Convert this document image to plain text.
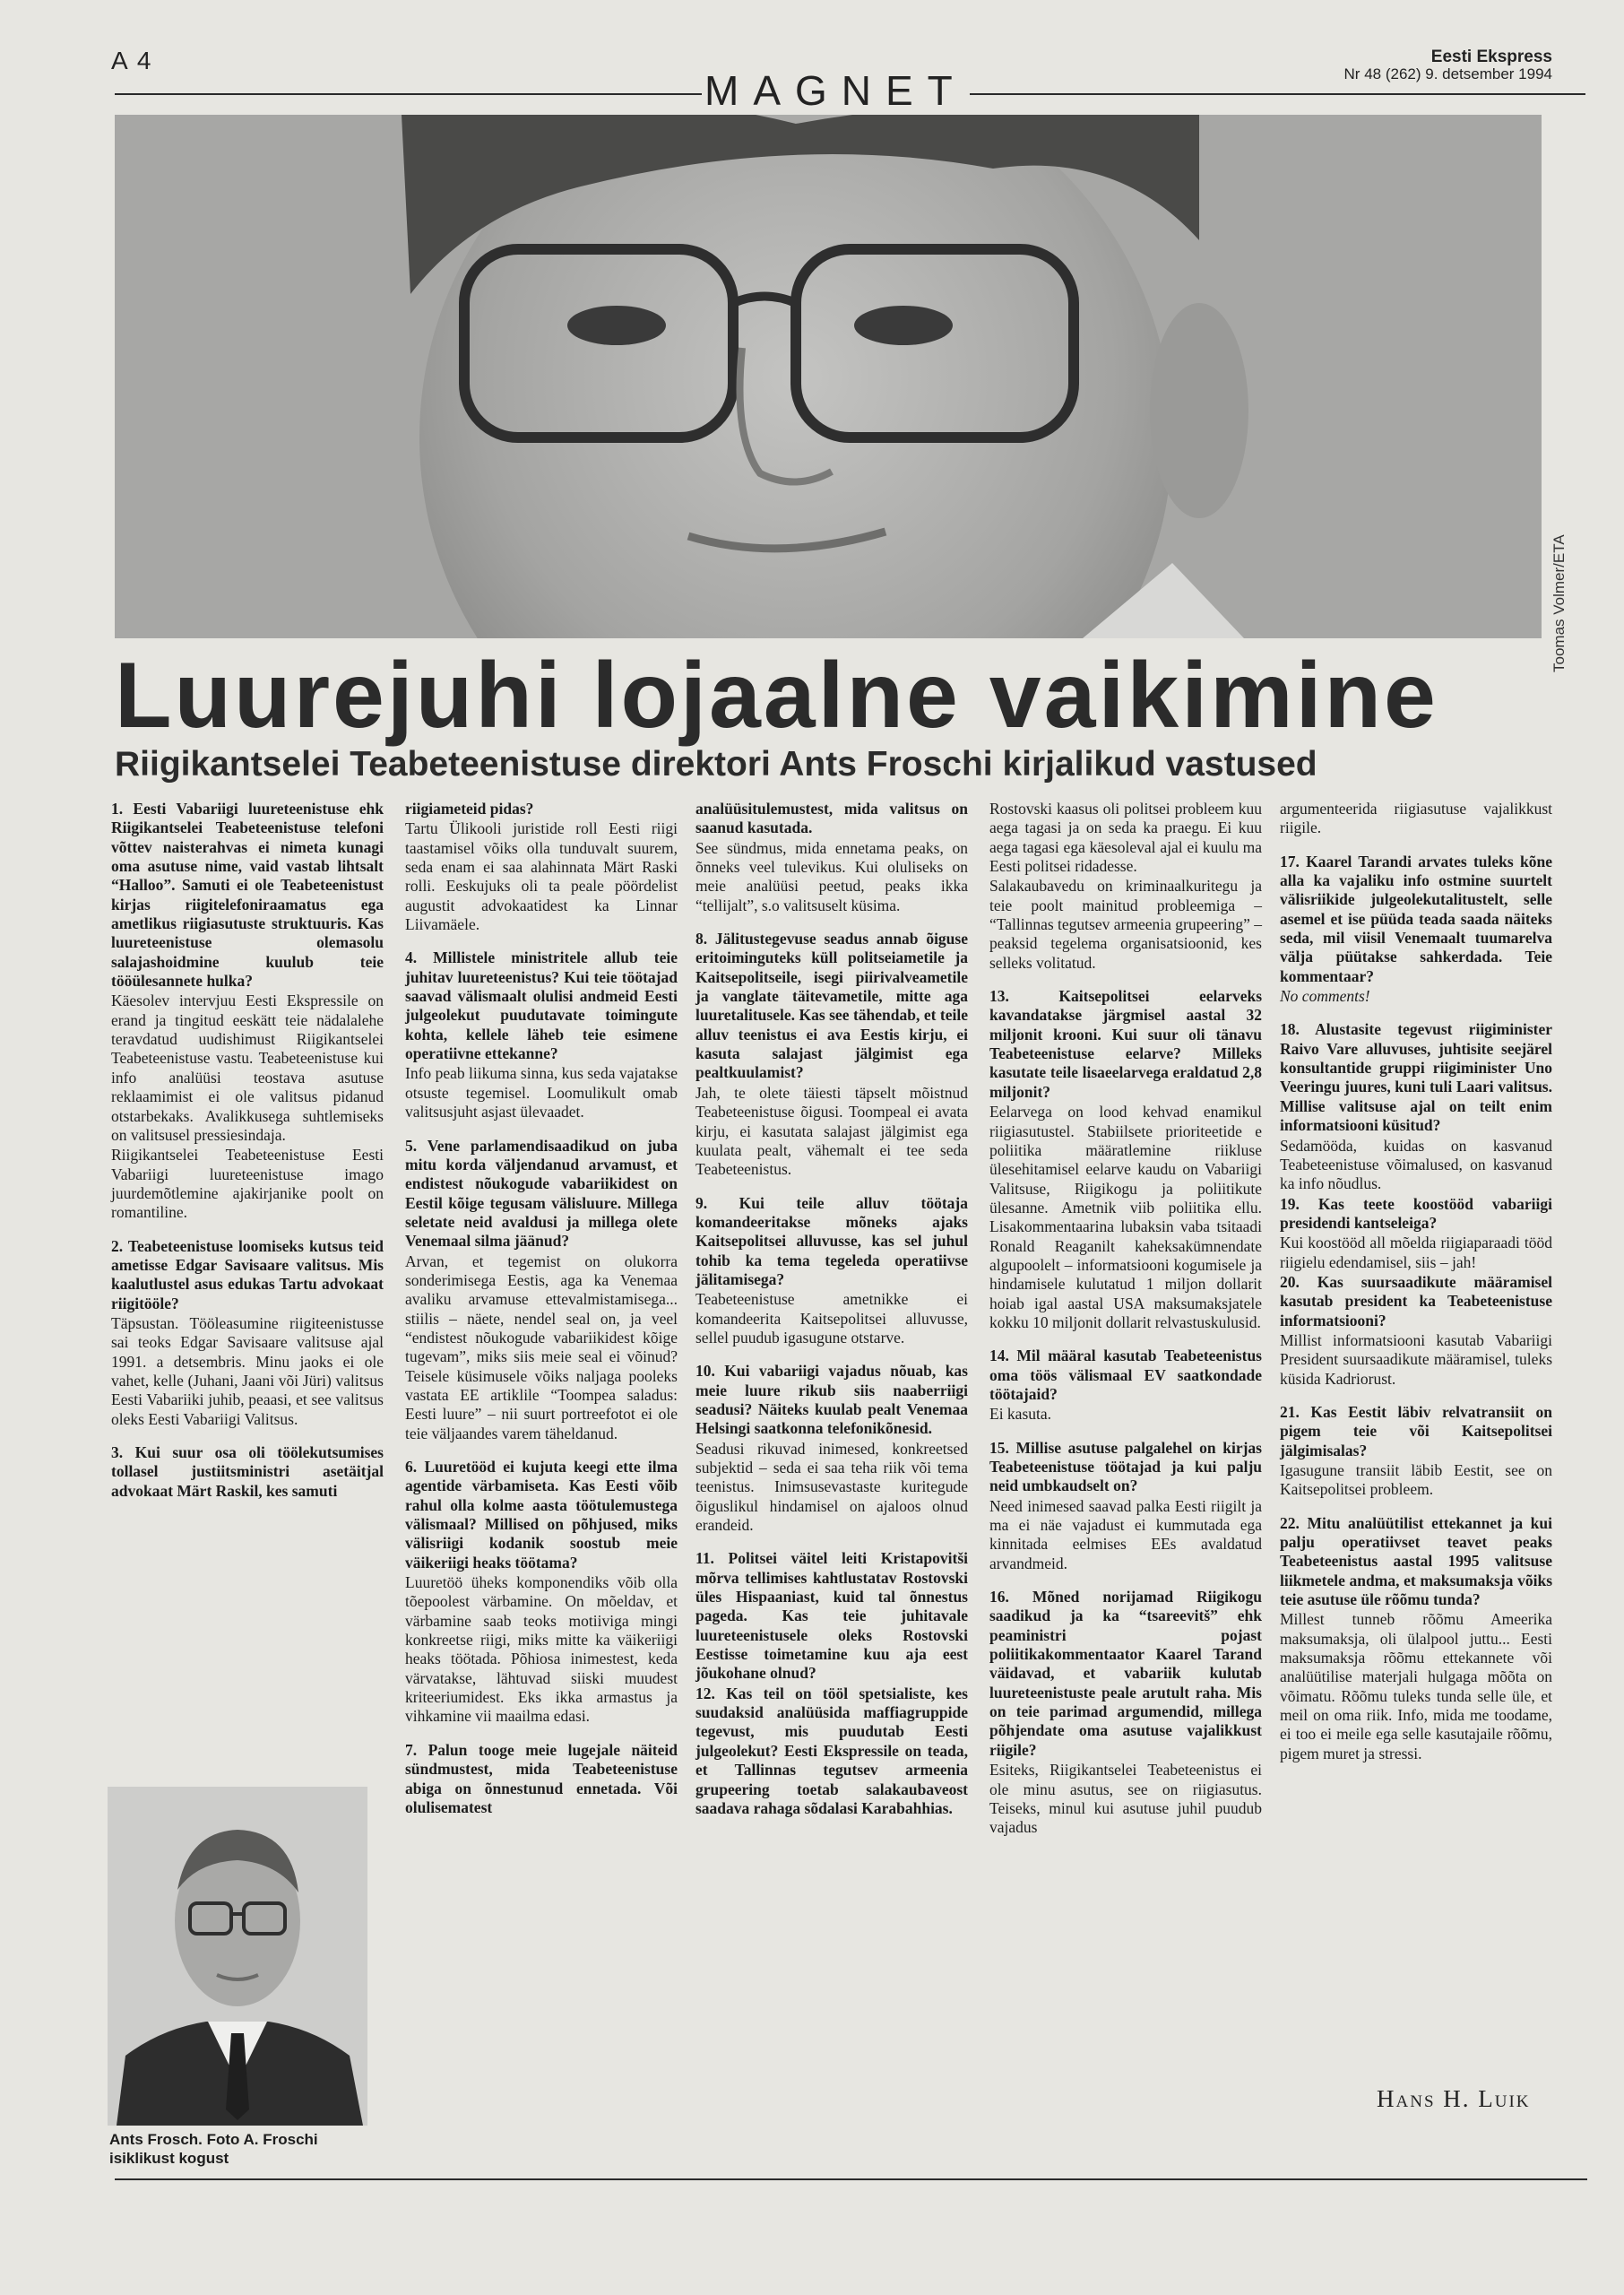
A 4	Eesti Ekspress
Nr 48 (262) 9. detsember 1994
MAGNET
Toomas Volmer/ETA
Luurejuhi lojaalne vaikimine
Riigikantselei Teabeteenistuse direktori Ants Froschi kirjalikud vastused

1. Eesti Vabariigi luureteenistuse ehk Riigikantselei Teabeteenistuse telefoni võttev naisterahvas ei nimeta kunagi oma asutuse nime, vaid vastab lihtsalt “Halloo”. Samuti ei ole Teabeteenistust kirjas riigitelefoniraamatus ega ametlikus riigiasutuste struktuuris. Kas luureteenistuse olemasolu salajashoidmine kuulub teie tööülesannete hulka?

Käesolev intervjuu Eesti Ekspressile on erand ja tingitud eeskätt teie nädalalehe teravdatud uudishimust Riigikantselei Teabeteenistuse vastu. Teabeteenistuse kui info analüüsi teostava asutuse reklaamimist ei ole valitsus pidanud otstarbekaks. Avalikkusega suhtlemiseks on valitsusel pressiesindaja.

Riigikantselei Teabeteenistuse Eesti Vabariigi luureteenistuse imago juurdemõtlemine ajakirjanike poolt on romantiline.

2. Teabeteenistuse loomiseks kutsus teid ametisse Edgar Savisaare valitsus. Mis kaalutlustel asus edukas Tartu advokaat riigitööle?

Täpsustan. Tööleasumine riigiteenistusse sai teoks Edgar Savisaare valitsuse ajal 1991. a detsembris. Minu jaoks ei ole vahet, kelle (Juhani, Jaani või Jüri) valitsus Eesti Vabariiki juhib, peaasi, et see valitsus oleks Eesti Vabariigi Valitsus.

3. Kui suur osa oli töölekutsumises tollasel justiitsministri asetäitjal advokaat Märt Raskil, kes samuti

riigiameteid pidas?

Tartu Ülikooli juristide roll Eesti riigi taastamisel võiks olla tunduvalt suurem, seda enam ei saa alahinnata Märt Raski rolli. Eeskujuks oli ta peale pöördelist augustit advokaatidest ka Linnar Liivamäele.

4. Millistele ministritele allub teie juhitav luureteenistus? Kui teie töötajad saavad välismaalt olulisi andmeid Eesti julgeolekut puudutavate toimingute kohta, kellele läheb teie esimene operatiivne ettekanne?

Info peab liikuma sinna, kus seda vajatakse otsuste tegemisel. Loomulikult omab valitsusjuht asjast ülevaadet.

5. Vene parlamendisaadikud on juba mitu korda väljendanud arvamust, et endistest nõukogude vabariikidest on Eestil kõige tegusam välisluure. Millega seletate neid avaldusi ja millega olete Venemaal silma jäänud?

Arvan, et tegemist on olukorra sonderimisega Eestis, aga ka Venemaa avaliku arvamuse ettevalmistamisega... stiilis – näete, nendel seal on, ja veel “endistest nõukogude vabariikidest kõige tugevam”, miks siis meie seal ei võinud? Teisele küsimusele võiks naljaga pooleks vastata EE artiklile “Toompea saladus: Eesti luure” – nii suurt portreefotot ei ole teie väljaandes varem täheldanud.

6. Luuretööd ei kujuta keegi ette ilma agentide värbamiseta. Kas Eesti võib rahul olla kolme aasta töötulemustega välismaal? Millised on põhjused, miks välisriigi kodanik soostub meie väikeriigi heaks töötama?

Luuretöö üheks komponendiks võib olla tõepoolest värbamine. On mõeldav, et värbamine saab teoks motiiviga mingi konkreetse riigi, miks mitte ka väikeriigi heaks töötada. Põhiosa inimestest, keda värvatakse, lähtuvad siiski muudest kriteeriumidest. Eks ikka armastus ja vihkamine vii maailma edasi.

7. Palun tooge meie lugejale näiteid sündmustest, mida Teabeteenistuse abiga on õnnestunud ennetada. Või olulisematest

analüüsitulemustest, mida valitsus on saanud kasutada.

See sündmus, mida ennetama peaks, on õnneks veel tulevikus. Kui oluliseks on meie analüüsi peetud, peaks ikka “tellijalt”, s.o valitsuselt küsima.

8. Jälitustegevuse seadus annab õiguse eritoiminguteks küll politseiametile ja Kaitsepolitseile, isegi piirivalveametile ja vanglate täitevametile, mitte aga luuretalitusele. Kas see tähendab, et teile alluv teenistus ei ava Eestis kirju, ei kasuta salajast jälgimist ega pealtkuulamist?

Jah, te olete täiesti täpselt mõistnud Teabeteenistuse õigusi. Toompeal ei avata kirju, ei kasutata salajast jälgimist ega kuulata pealt, vähemalt ei tee seda Teabeteenistus.

9. Kui teile alluv töötaja komandeeritakse mõneks ajaks Kaitsepolitsei alluvusse, kas sel juhul tohib ka tema tegeleda operatiivse jälitamisega?

Teabeteenistuse ametnikke ei komandeerita Kaitsepolitsei alluvusse, sellel puudub igasugune otstarve.

10. Kui vabariigi vajadus nõuab, kas meie luure rikub siis naaberriigi seadusi? Näiteks kuulab pealt Venemaa Helsingi saatkonna telefonikõnesid.

Seadusi rikuvad inimesed, konkreetsed subjektid – seda ei saa teha riik või tema teenistus. Inimsusevastaste kuritegude õiguslikul hindamisel on ajaloos olnud erandeid.

11. Politsei väitel leiti Kristapovitši mõrva tellimises kahtlustatav Rostovski üles Hispaaniast, kuid tal õnnestus pageda. Kas teie juhitavale luureteenistusele oleks Rostovski Eestisse toimetamine kuu aja eest jõukohane olnud?

12. Kas teil on tööl spetsialiste, kes suudaksid analüüsida maffiagruppide tegevust, mis puudutab Eesti julgeolekut? Eesti Ekspressile on teada, et Tallinnas tegutsev armeenia grupeering toetab salakaubaveost saadava rahaga sõdalasi Karabahhias.

Rostovski kaasus oli politsei probleem kuu aega tagasi ja on seda ka praegu. Ei kuu aega tagasi ega käesoleval ajal ei kuulu ma Eesti politsei ridadesse.

Salakaubavedu on kriminaalkuritegu ja teie poolt mainitud probleemiga – “Tallinnas tegutsev armeenia grupeering” – peaksid tegelema organisatsioonid, kes selleks volitatud.

13. Kaitsepolitsei eelarveks kavandatakse järgmisel aastal 32 miljonit krooni. Kui suur oli tänavu Teabeteenistuse eelarve? Milleks kasutate teile lisaeelarvega eraldatud 2,8 miljonit?

Eelarvega on lood kehvad enamikul riigiasutustel. Stabiilsete prioriteetide e poliitika määratlemine riikluse ülesehitamisel eelarve kaudu on Vabariigi Valitsuse, Riigikogu ja poliitikute ülesanne. Ametnik viib poliitika ellu. Lisakommentaarina lubaksin vaba tsitaadi Ronald Reaganilt kaheksakümnendate algupoolelt – informatsiooni kogumisele ja hindamisele kulutatud 1 miljon dollarit hoiab igal aastal USA maksumaksjatele kokku 10 miljonit dollarit relvastuskulusid.

14. Mil määral kasutab Teabeteenistus oma töös välismaal EV saatkondade töötajaid?

Ei kasuta.

15. Millise asutuse palgalehel on kirjas Teabeteenistuse töötajad ja kui palju neid umbkaudselt on?

Need inimesed saavad palka Eesti riigilt ja ma ei näe vajadust ei kummutada ega kinnitada eelmises EEs avaldatud arvandmeid.

16. Mõned norijamad Riigikogu saadikud ja ka “tsareevitš” ehk peaministri pojast poliitikakommentaator Kaarel Tarand väidavad, et vabariik kulutab luureteenistuste peale arutult raha. Mis on teie parimad argumendid, millega põhjendate oma asutuse vajalikkust riigile?

Esiteks, Riigikantselei Teabeteenistus ei ole minu asutus, see on riigiasutus. Teiseks, minul kui asutuse juhil puudub vajadus

argumenteerida riigiasutuse vajalikkust riigile.

17. Kaarel Tarandi arvates tuleks kõne alla ka vajaliku info ostmine suurtelt välisriikide julgeolekutalitustelt, selle asemel et ise püüda teada saada näiteks seda, mil viisil Venemaalt tuumarelva välja püütakse sahkerdada. Teie kommentaar?

No comments!

18. Alustasite tegevust riigiminister Raivo Vare alluvuses, juhtisite seejärel konsultantide gruppi riigiminister Uno Veeringu juures, kuni tuli Laari valitsus. Millise valitsuse ajal on teilt enim informatsiooni küsitud?

Sedamööda, kuidas on kasvanud Teabeteenistuse võimalused, on kasvanud ka info nõudlus.

19. Kas teete koostööd vabariigi presidendi kantseleiga?

Kui koostööd all mõelda riigiaparaadi tööd riigielu edendamisel, siis – jah!

20. Kas suursaadikute määramisel kasutab president ka Teabeteenistuse informatsiooni?

Millist informatsiooni kasutab Vabariigi President suursaadikute määramisel, tuleks küsida Kadriorust.

21. Kas Eestit läbiv relvatransiit on pigem teie või Kaitsepolitsei jälgimisalas?

Igasugune transiit läbib Eestit, see on Kaitsepolitsei probleem.

22. Mitu analüütilist ettekannet ja kui palju operatiivset teavet peaks Teabeteenistus aastal 1995 valitsuse liikmetele andma, et maksumaksja võiks teie asutuse üle rõõmu tunda?

Millest tunneb rõõmu Ameerika maksumaksja, oli ülalpool juttu... Eesti maksumaksja rõõmu ettekannete või analüütilise materjali hulgaga mõõta on võimatu. Rõõmu tuleks tunda selle üle, et meil on oma riik. Info, mida me toodame, ei too ei meile ega selle kasutajaile rõõmu, pigem muret ja stressi.

Ants Frosch. Foto A. Froschi isiklikust kogust
Hans H. Luik
